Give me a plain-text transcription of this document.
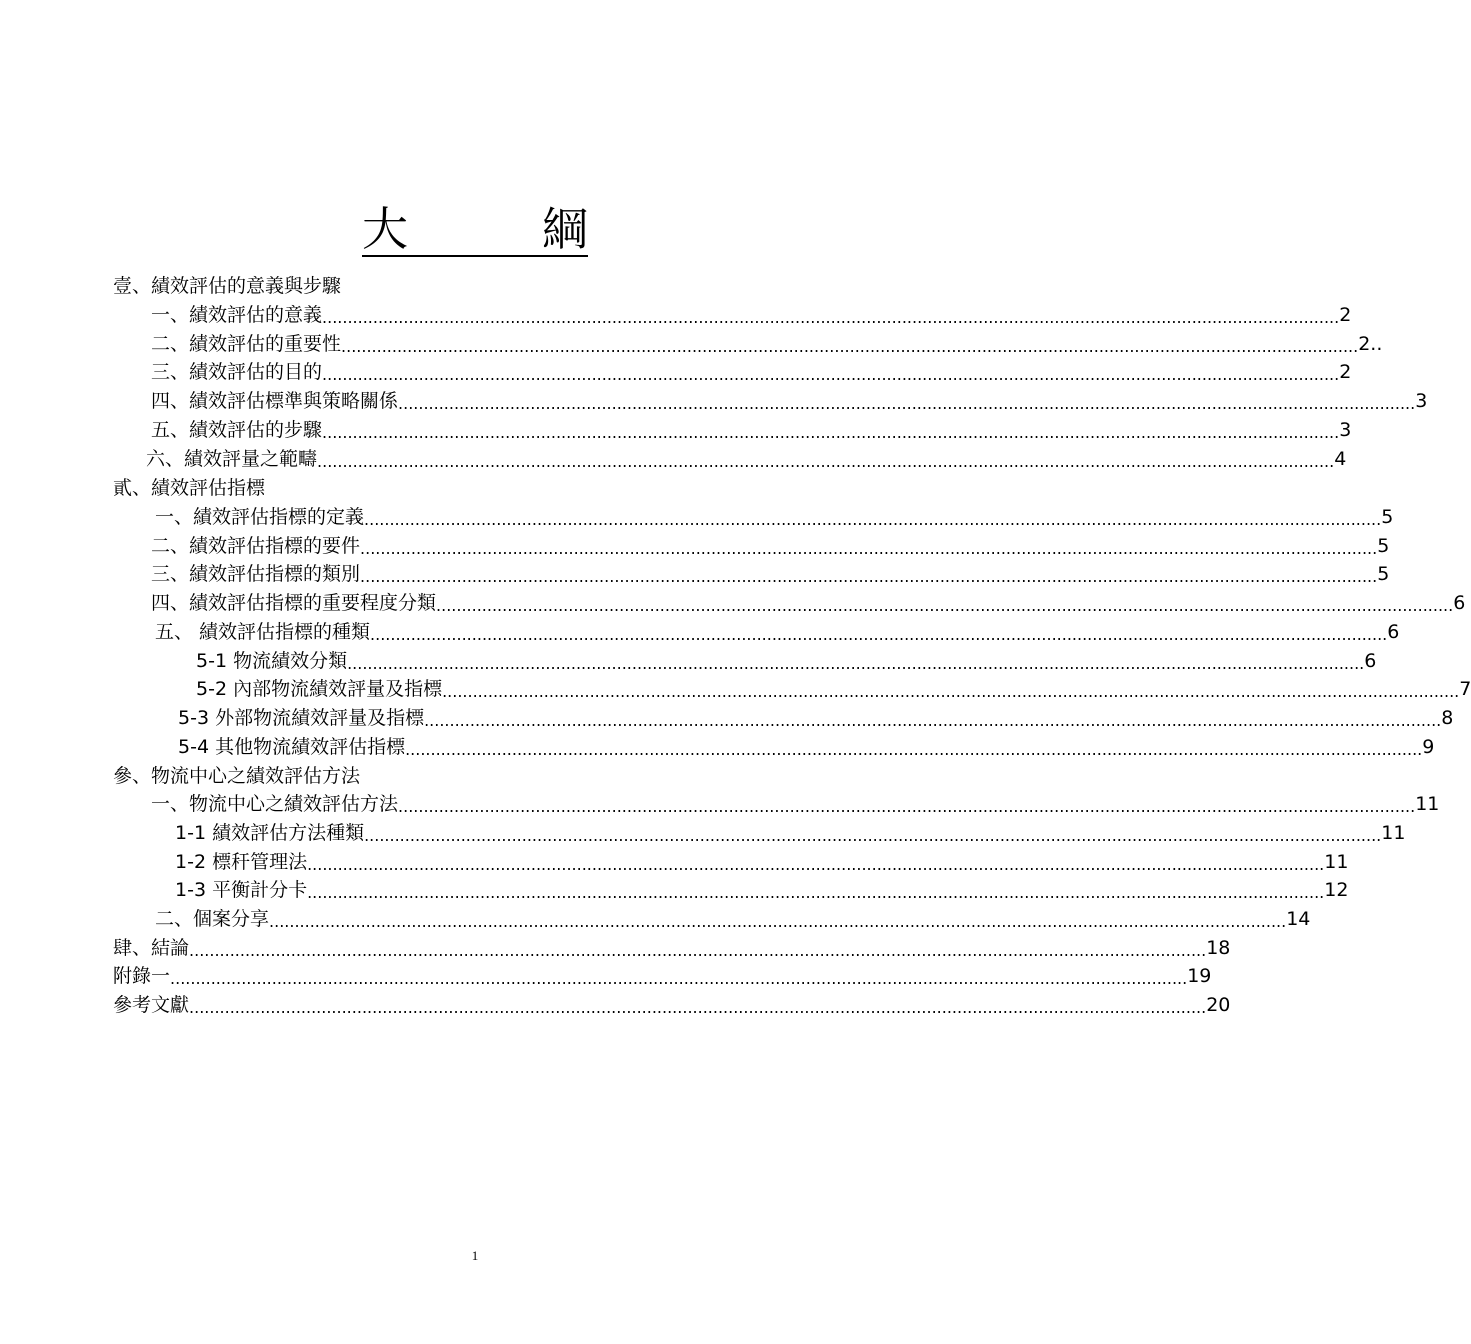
大	綱
壹、績效評估的意義與步驟
一、績效評估的意義 ........................................................................................................................................................................................................ 2
二、績效評估的重要性 ........................................................................................................................................................................................................ 2..
三、績效評估的目的 ........................................................................................................................................................................................................ 2
四、績效評估標準與策略關係 ........................................................................................................................................................................................................ 3
五、績效評估的步驟 ........................................................................................................................................................................................................ 3
六、績效評量之範疇 ........................................................................................................................................................................................................ 4
貳、績效評估指標
一、績效評估指標的定義 ........................................................................................................................................................................................................ 5
二、績效評估指標的要件 ........................................................................................................................................................................................................ 5
三、績效評估指標的類別 ........................................................................................................................................................................................................ 5
四、績效評估指標的重要程度分類 ........................................................................................................................................................................................................ 6
五、 績效評估指標的種類 ........................................................................................................................................................................................................ 6
5-1 物流績效分類 ........................................................................................................................................................................................................ 6
5-2 內部物流績效評量及指標 ........................................................................................................................................................................................................ 7
5-3 外部物流績效評量及指標 ........................................................................................................................................................................................................ 8
5-4 其他物流績效評估指標 ........................................................................................................................................................................................................ 9
參、物流中心之績效評估方法
一、物流中心之績效評估方法 ........................................................................................................................................................................................................ 11
1-1 績效評估方法種類 ........................................................................................................................................................................................................ 11
1-2 標秆管理法 ........................................................................................................................................................................................................ 11
1-3 平衡計分卡 ........................................................................................................................................................................................................ 12
二、個案分享 ........................................................................................................................................................................................................ 14
肆、結論 ........................................................................................................................................................................................................ 18
附錄一 ........................................................................................................................................................................................................ 19
參考文獻 ........................................................................................................................................................................................................ 20
1
